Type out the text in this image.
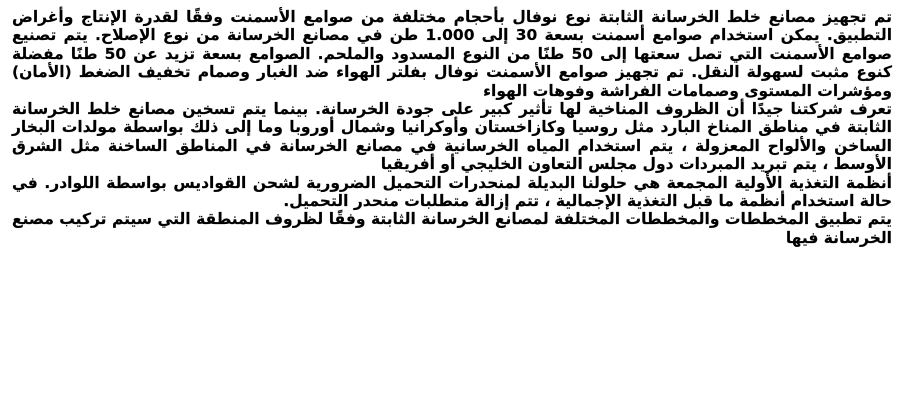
تم تجهيز مصانع خلط الخرسانة الثابتة نوع نوفال بأحجام مختلفة من صوامع الأسمنت وفقًا لقدرة الإنتاج وأغراض التطبيق. يمكن استخدام صوامع أسمنت بسعة 30 إلى 1.000 طن في مصانع الخرسانة من نوع الإصلاح. يتم تصنيع صوامع الأسمنت التي تصل سعتها إلى 50 طنًا من النوع المسدود والملحم. الصوامع بسعة تزيد عن 50 طنًا مفضلة كنوع مثبت لسهولة النقل. تم تجهيز صوامع الأسمنت نوفال بفلتر الهواء ضد الغبار وصمام تخفيف الضغط (الأمان) ومؤشرات المستوى وصمامات الفراشة وفوهات الهواء

تعرف شركتنا جيدًا أن الظروف المناخية لها تأثير كبير على جودة الخرسانة. بينما يتم تسخين مصانع خلط الخرسانة الثابتة في مناطق المناخ البارد مثل روسيا وكازاخستان وأوكرانيا وشمال أوروبا وما إلى ذلك بواسطة مولدات البخار الساخن والألواح المعزولة ، يتم استخدام المياه الخرسانية في مصانع الخرسانة في المناطق الساخنة مثل الشرق الأوسط ، يتم تبريد المبردات دول مجلس التعاون الخليجي أو أفريقيا

أنظمة التغذية الأولية المجمعة هي حلولنا البديلة لمنحدرات التحميل الضرورية لشحن القواديس بواسطة اللوادر. في حالة استخدام أنظمة ما قبل التغذية الإجمالية ، تتم إزالة متطلبات منحدر التحميل.

يتم تطبيق المخططات والمخططات المختلفة لمصانع الخرسانة الثابتة وفقًا لظروف المنطقة التي سيتم تركيب مصنع الخرسانة فيها
